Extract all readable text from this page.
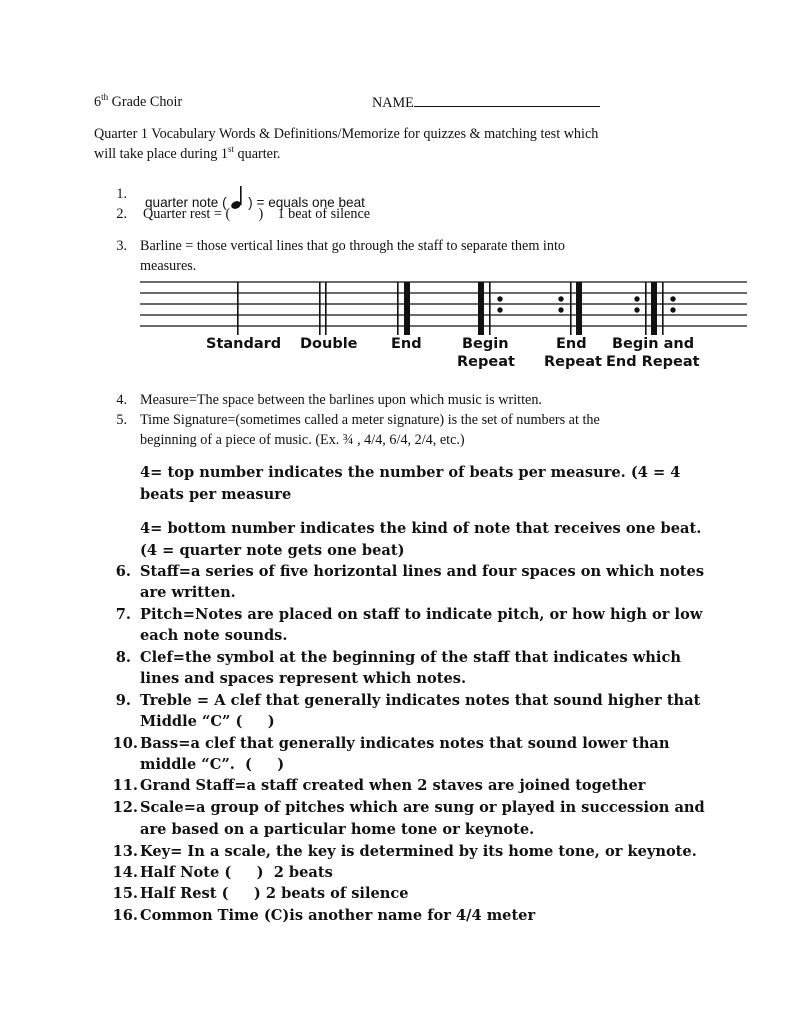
6th Grade Choir	NAME
Quarter 1 Vocabulary Words & Definitions/Memorize for quizzes & matching test which
will take place during 1st quarter.
1.
quarter note ( ) = equals one beat
2. Quarter rest = (        )    1 beat of silence
3. Barline = those vertical lines that go through the staff to separate them into
measures.
Standard Double End	Begin
Repeat
End
Repeat
Begin and
End Repeat
4. Measure=The space between the barlines upon which music is written.
5. Time Signature=(sometimes called a meter signature) is the set of numbers at the
beginning of a piece of music. (Ex. ¾ , 4/4, 6/4, 2/4, etc.)
4= top number indicates the number of beats per measure. (4 = 4
beats per measure
4= bottom number indicates the kind of note that receives one beat.
(4 = quarter note gets one beat)
6. Staff=a series of five horizontal lines and four spaces on which notes
are written.
7. Pitch=Notes are placed on staff to indicate pitch, or how high or low
each note sounds.
8. Clef=the symbol at the beginning of the staff that indicates which
lines and spaces represent which notes.
9. Treble = A clef that generally indicates notes that sound higher that
Middle “C” (     )
10. Bass=a clef that generally indicates notes that sound lower than
middle “C”.  (     )
11. Grand Staff=a staff created when 2 staves are joined together
12. Scale=a group of pitches which are sung or played in succession and
are based on a particular home tone or keynote.
13. Key= In a scale, the key is determined by its home tone, or keynote.
14. Half Note (     )  2 beats
15. Half Rest (     ) 2 beats of silence
16. Common Time (C)is another name for 4/4 meter
